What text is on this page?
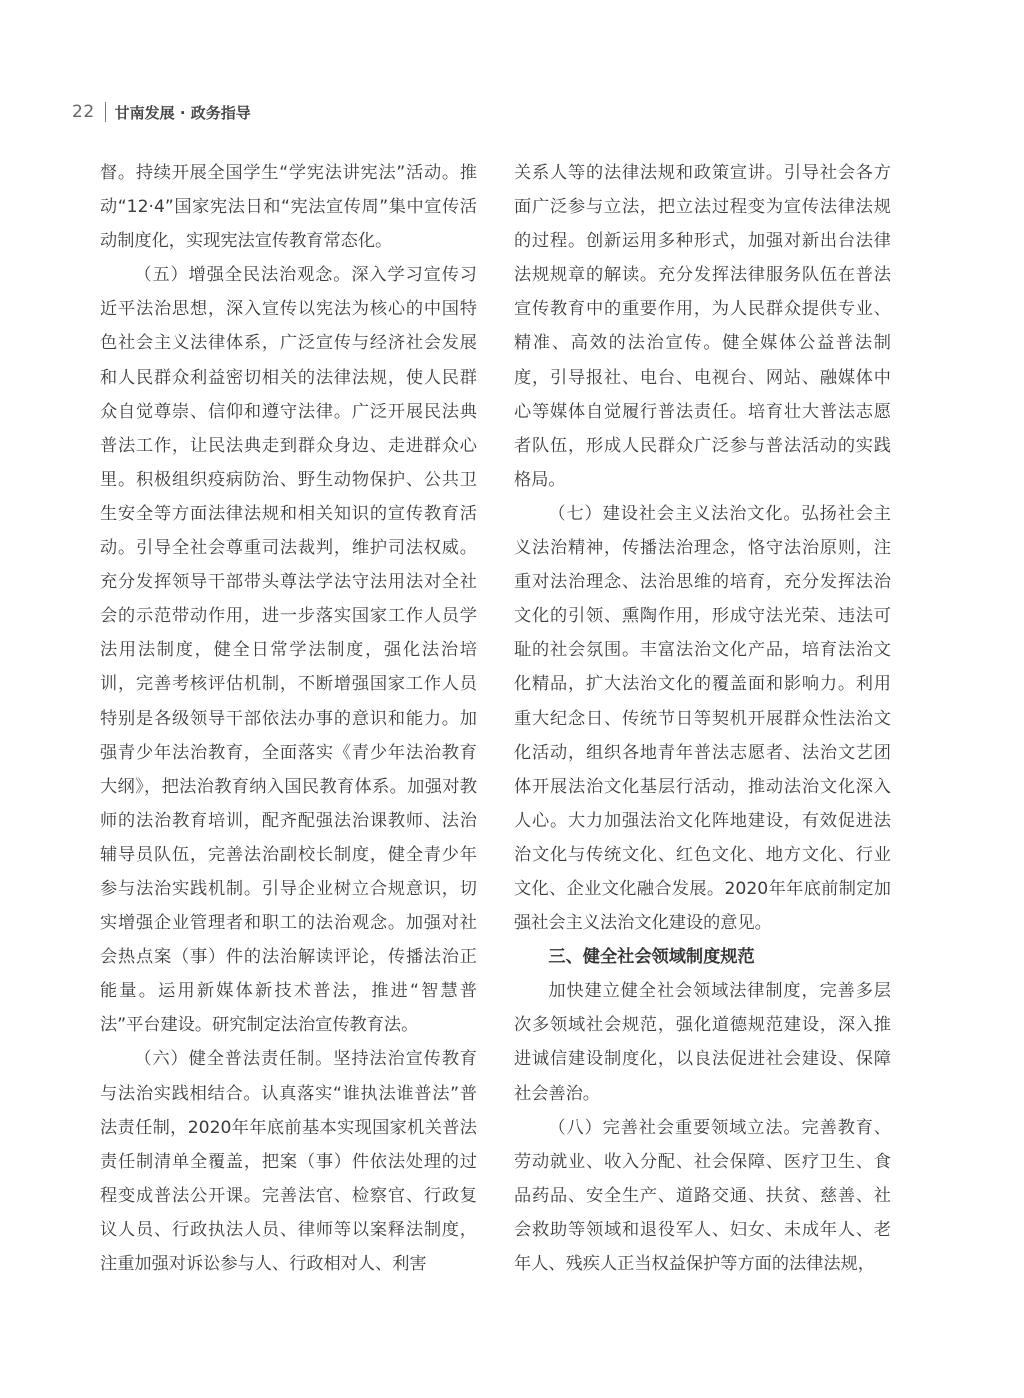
22 甘南发展 · 政务指导

督。持续开展全国学生“学宪法讲宪法”活动。推动“12·4”国家宪法日和“宪法宣传周”集中宣传活动制度化，实现宪法宣传教育常态化。

（五）增强全民法治观念。深入学习宣传习近平法治思想，深入宣传以宪法为核心的中国特色社会主义法律体系，广泛宣传与经济社会发展和人民群众利益密切相关的法律法规，使人民群众自觉尊崇、信仰和遵守法律。广泛开展民法典普法工作，让民法典走到群众身边、走进群众心里。积极组织疫病防治、野生动物保护、公共卫生安全等方面法律法规和相关知识的宣传教育活动。引导全社会尊重司法裁判，维护司法权威。充分发挥领导干部带头尊法学法守法用法对全社会的示范带动作用，进一步落实国家工作人员学法用法制度，健全日常学法制度，强化法治培训，完善考核评估机制，不断增强国家工作人员特别是各级领导干部依法办事的意识和能力。加强青少年法治教育，全面落实《青少年法治教育大纲》，把法治教育纳入国民教育体系。加强对教师的法治教育培训，配齐配强法治课教师、法治辅导员队伍，完善法治副校长制度，健全青少年参与法治实践机制。引导企业树立合规意识，切实增强企业管理者和职工的法治观念。加强对社会热点案（事）件的法治解读评论，传播法治正能量。运用新媒体新技术普法，推进“智慧普法”平台建设。研究制定法治宣传教育法。

（六）健全普法责任制。坚持法治宣传教育与法治实践相结合。认真落实“谁执法谁普法”普法责任制，2020年年底前基本实现国家机关普法责任制清单全覆盖，把案（事）件依法处理的过程变成普法公开课。完善法官、检察官、行政复议人员、行政执法人员、律师等以案释法制度，注重加强对诉讼参与人、行政相对人、利害

关系人等的法律法规和政策宣讲。引导社会各方面广泛参与立法，把立法过程变为宣传法律法规的过程。创新运用多种形式，加强对新出台法律法规规章的解读。充分发挥法律服务队伍在普法宣传教育中的重要作用，为人民群众提供专业、精准、高效的法治宣传。健全媒体公益普法制度，引导报社、电台、电视台、网站、融媒体中心等媒体自觉履行普法责任。培育壮大普法志愿者队伍，形成人民群众广泛参与普法活动的实践格局。

（七）建设社会主义法治文化。弘扬社会主义法治精神，传播法治理念，恪守法治原则，注重对法治理念、法治思维的培育，充分发挥法治文化的引领、熏陶作用，形成守法光荣、违法可耻的社会氛围。丰富法治文化产品，培育法治文化精品，扩大法治文化的覆盖面和影响力。利用重大纪念日、传统节日等契机开展群众性法治文化活动，组织各地青年普法志愿者、法治文艺团体开展法治文化基层行活动，推动法治文化深入人心。大力加强法治文化阵地建设，有效促进法治文化与传统文化、红色文化、地方文化、行业文化、企业文化融合发展。2020年年底前制定加强社会主义法治文化建设的意见。

三、健全社会领域制度规范

加快建立健全社会领域法律制度，完善多层次多领域社会规范，强化道德规范建设，深入推进诚信建设制度化，以良法促进社会建设、保障社会善治。

（八）完善社会重要领域立法。完善教育、劳动就业、收入分配、社会保障、医疗卫生、食品药品、安全生产、道路交通、扶贫、慈善、社会救助等领域和退役军人、妇女、未成年人、老年人、残疾人正当权益保护等方面的法律法规，
